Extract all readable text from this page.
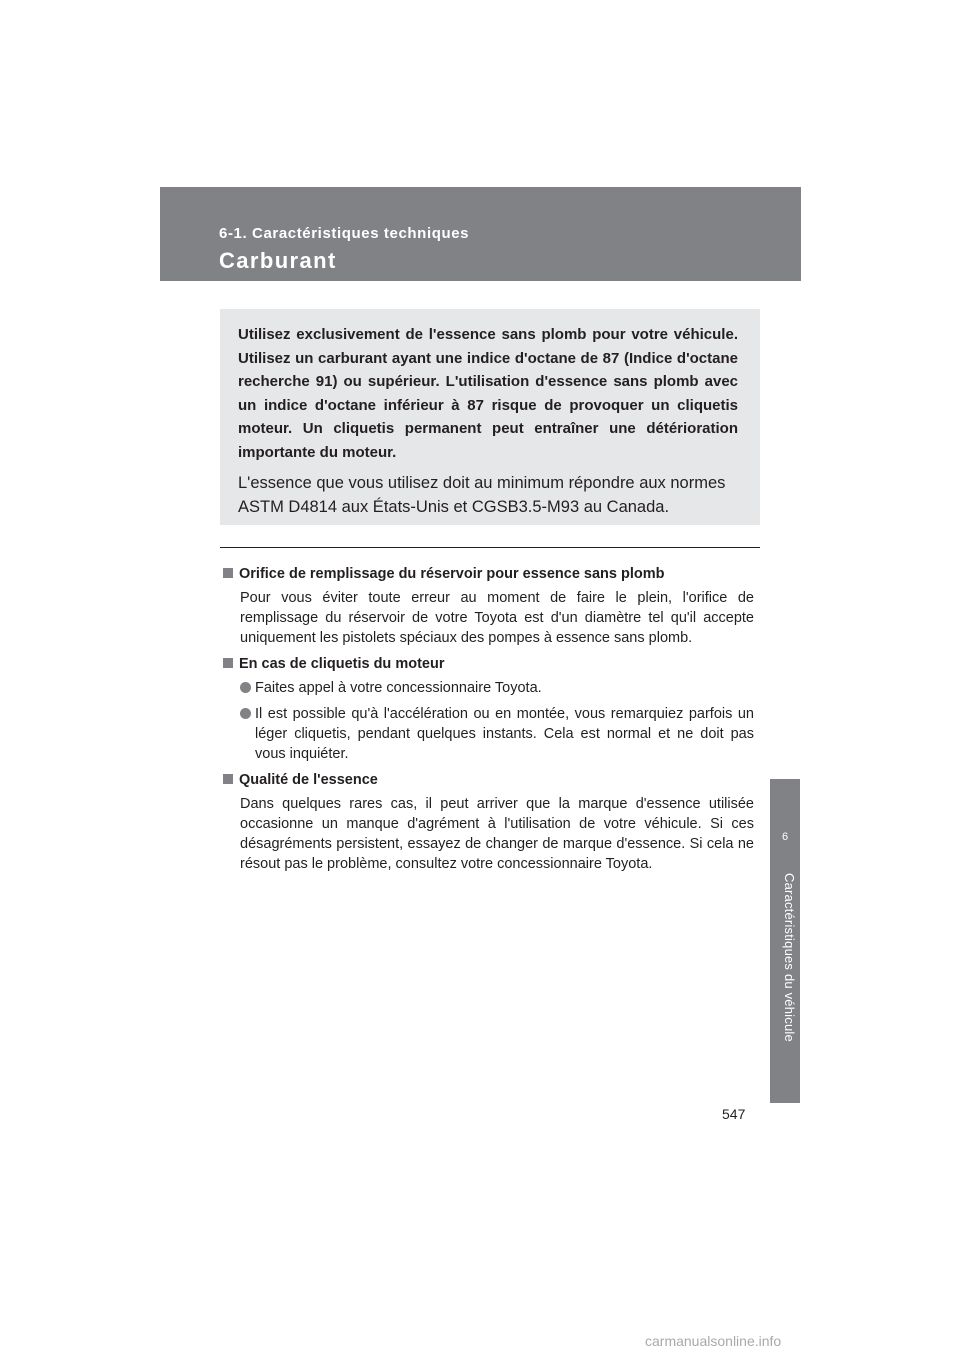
6-1. Caractéristiques techniques
Carburant

Utilisez exclusivement de l'essence sans plomb pour votre véhicule. Utilisez un carburant ayant une indice d'octane de 87 (Indice d'octane recherche 91) ou supérieur. L'utilisation d'essence sans plomb avec un indice d'octane inférieur à 87 risque de provoquer un cliquetis moteur. Un cliquetis permanent peut entraîner une détérioration importante du moteur.

L'essence que vous utilisez doit au minimum répondre aux normes ASTM D4814 aux États-Unis et CGSB3.5-M93 au Canada.

Orifice de remplissage du réservoir pour essence sans plomb

Pour vous éviter toute erreur au moment de faire le plein, l'orifice de remplissage du réservoir de votre Toyota est d'un diamètre tel qu'il accepte uniquement les pistolets spéciaux des pompes à essence sans plomb.

En cas de cliquetis du moteur
Faites appel à votre concessionnaire Toyota.
Il est possible qu'à l'accélération ou en montée, vous remarquiez parfois un léger cliquetis, pendant quelques instants. Cela est normal et ne doit pas vous inquiéter.
Qualité de l'essence

Dans quelques rares cas, il peut arriver que la marque d'essence utilisée occasionne un manque d'agrément à l'utilisation de votre véhicule. Si ces désagréments persistent, essayez de changer de marque d'essence. Si cela ne résout pas le problème, consultez votre concessionnaire Toyota.

6
Caractéristiques du véhicule
547
carmanualsonline.info
